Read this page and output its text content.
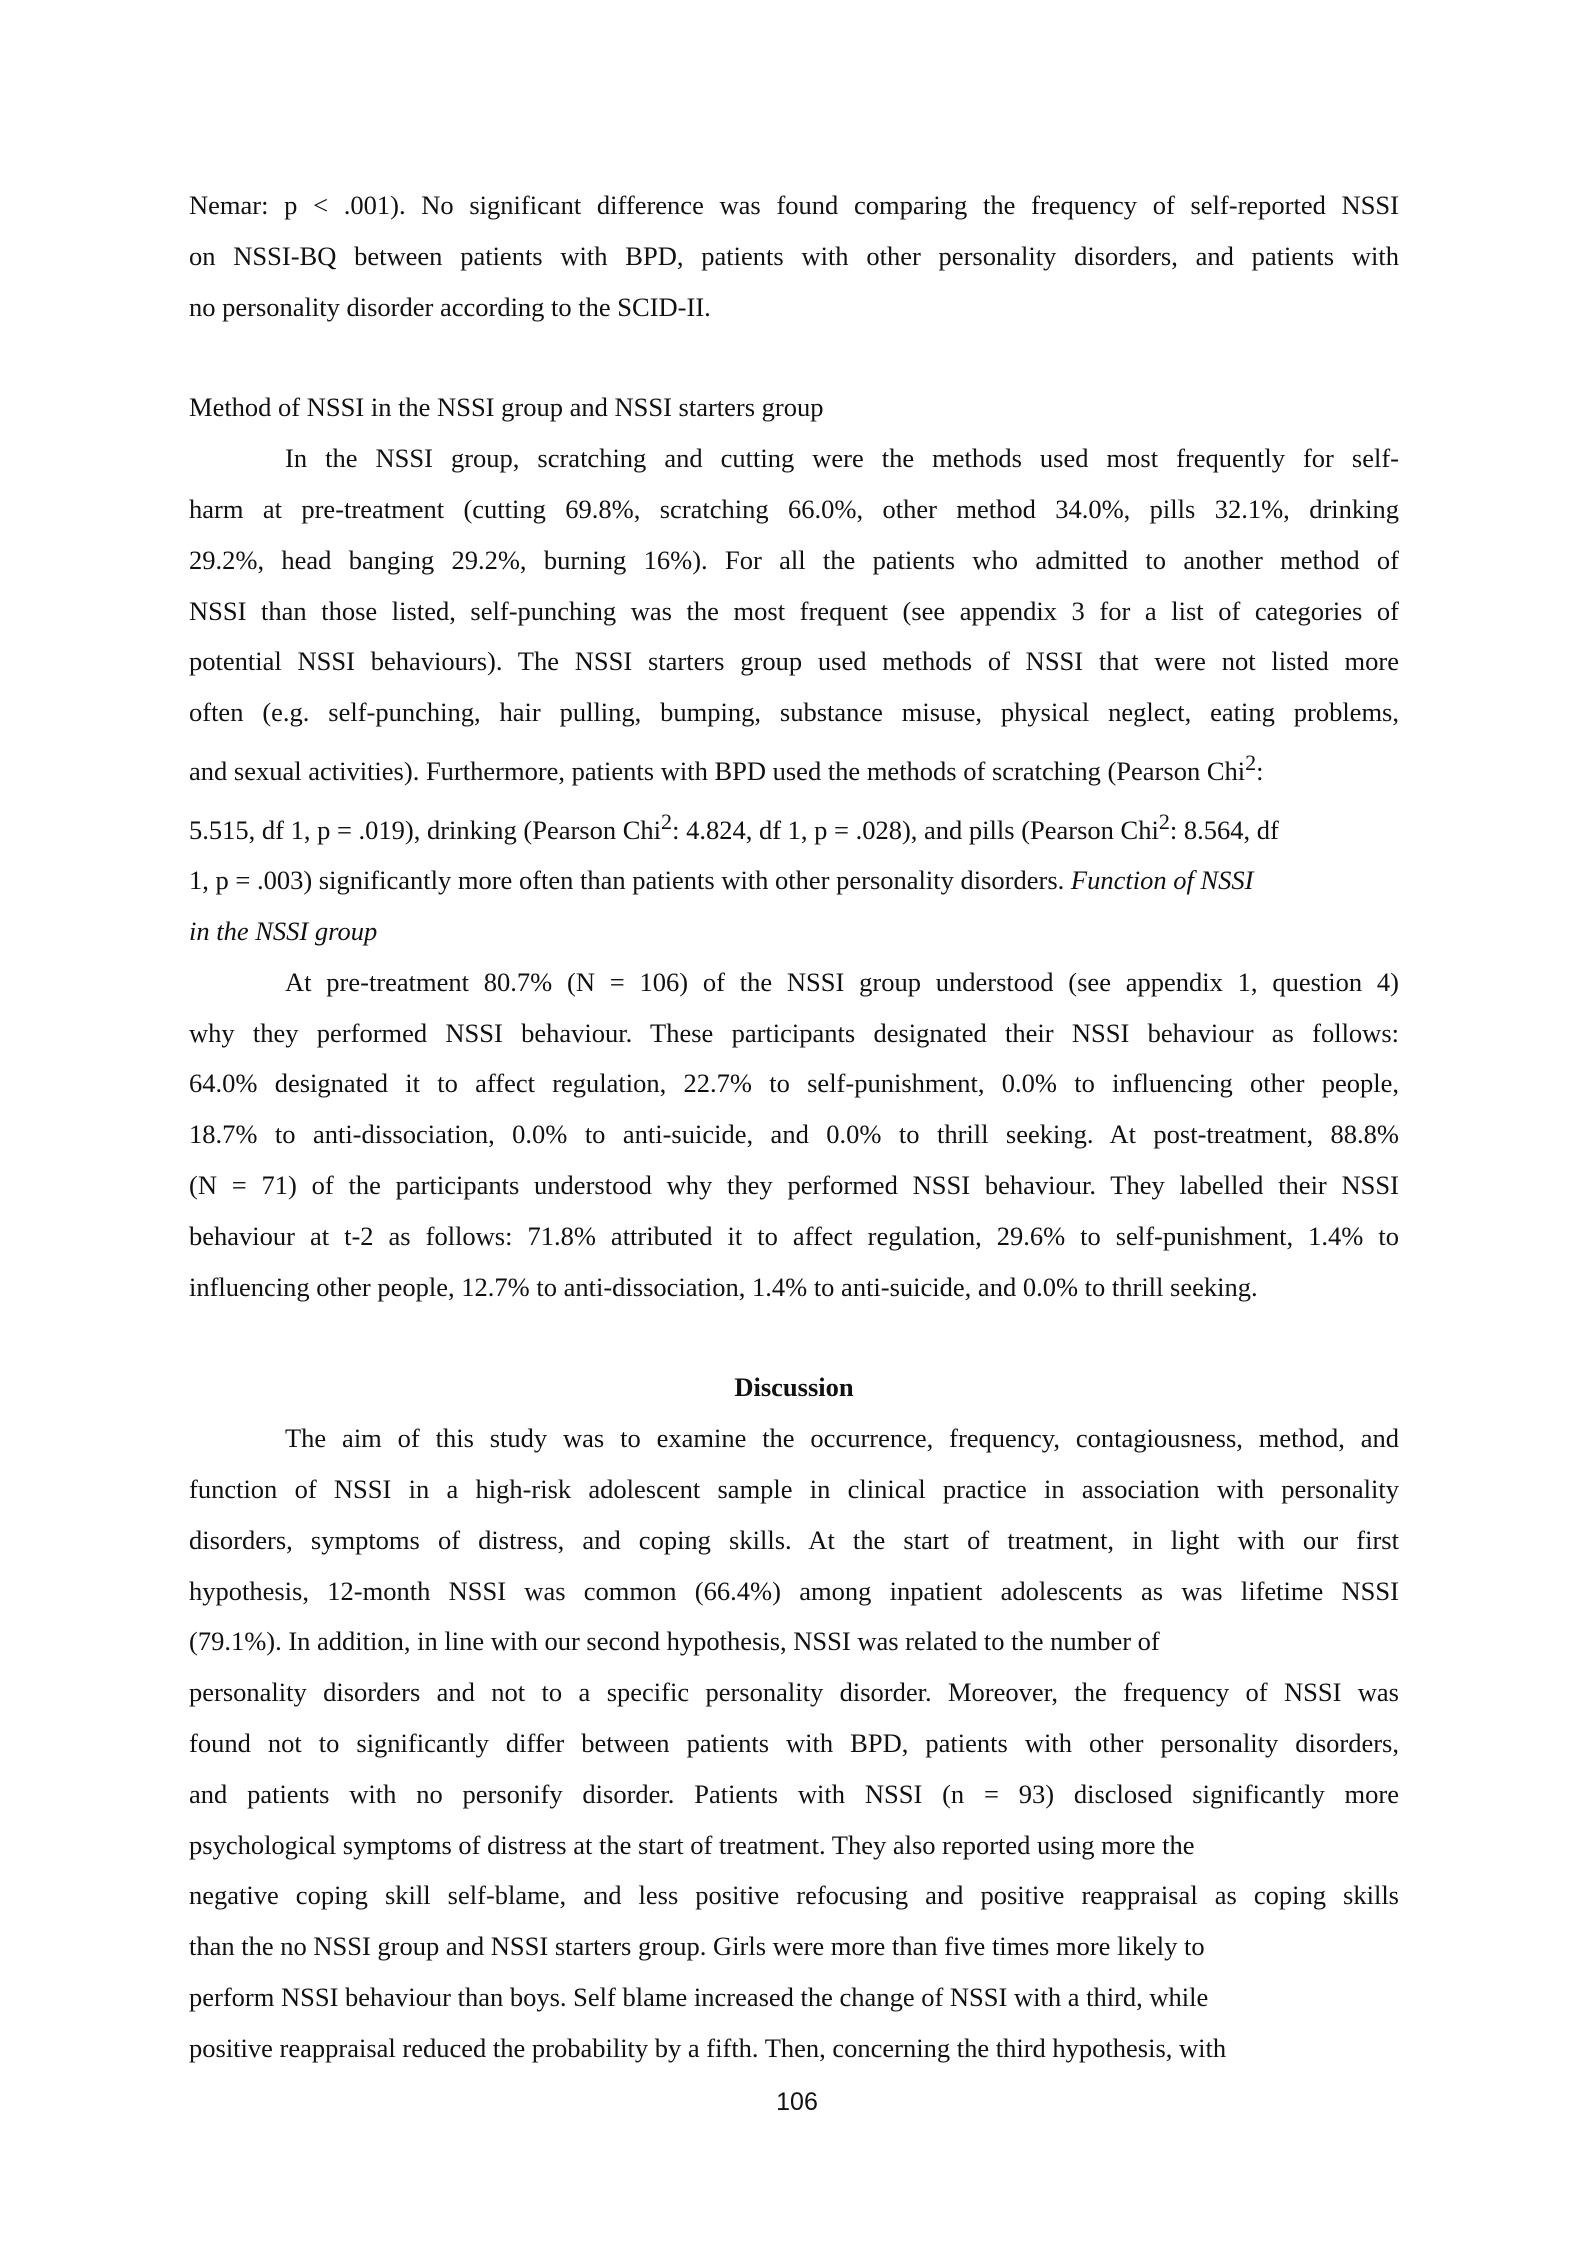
Nemar: p < .001). No significant difference was found comparing the frequency of self-reported NSSI
on NSSI-BQ between patients with BPD, patients with other personality disorders, and patients with
no personality disorder according to the SCID-II.

Method of NSSI in the NSSI group and NSSI starters group

In the NSSI group, scratching and cutting were the methods used most frequently for self-
harm at pre-treatment (cutting 69.8%, scratching 66.0%, other method 34.0%, pills 32.1%, drinking
29.2%, head banging 29.2%, burning 16%). For all the patients who admitted to another method of
NSSI than those listed, self-punching was the most frequent (see appendix 3 for a list of categories of
potential NSSI behaviours). The NSSI starters group used methods of NSSI that were not listed more
often (e.g. self-punching, hair pulling, bumping, substance misuse, physical neglect, eating problems,
and sexual activities). Furthermore, patients with BPD used the methods of scratching (Pearson Chi$^2$:
5.515, df 1, p = .019), drinking (Pearson Chi$^2$: 4.824, df 1, p = .028), and pills (Pearson Chi$^2$: 8.564, df
1, p = .003) significantly more often than patients with other personality disorders. Function of NSSI
in the NSSI group

At pre-treatment 80.7% (N = 106) of the NSSI group understood (see appendix 1, question 4)
why they performed NSSI behaviour. These participants designated their NSSI behaviour as follows:
64.0% designated it to affect regulation, 22.7% to self-punishment, 0.0% to influencing other people,
18.7% to anti-dissociation, 0.0% to anti-suicide, and 0.0% to thrill seeking. At post-treatment, 88.8%
(N = 71) of the participants understood why they performed NSSI behaviour. They labelled their NSSI
behaviour at t-2 as follows: 71.8% attributed it to affect regulation, 29.6% to self-punishment, 1.4% to
influencing other people, 12.7% to anti-dissociation, 1.4% to anti-suicide, and 0.0% to thrill seeking.

Discussion

The aim of this study was to examine the occurrence, frequency, contagiousness, method, and
function of NSSI in a high-risk adolescent sample in clinical practice in association with personality
disorders, symptoms of distress, and coping skills. At the start of treatment, in light with our first
hypothesis, 12-month NSSI was common (66.4%) among inpatient adolescents as was lifetime NSSI
(79.1%). In addition, in line with our second hypothesis, NSSI was related to the number of
personality disorders and not to a specific personality disorder. Moreover, the frequency of NSSI was
found not to significantly differ between patients with BPD, patients with other personality disorders,
and patients with no personify disorder. Patients with NSSI (n = 93) disclosed significantly more
psychological symptoms of distress at the start of treatment. They also reported using more the
negative coping skill self-blame, and less positive refocusing and positive reappraisal as coping skills
than the no NSSI group and NSSI starters group. Girls were more than five times more likely to
perform NSSI behaviour than boys. Self blame increased the change of NSSI with a third, while
positive reappraisal reduced the probability by a fifth. Then, concerning the third hypothesis, with

106
